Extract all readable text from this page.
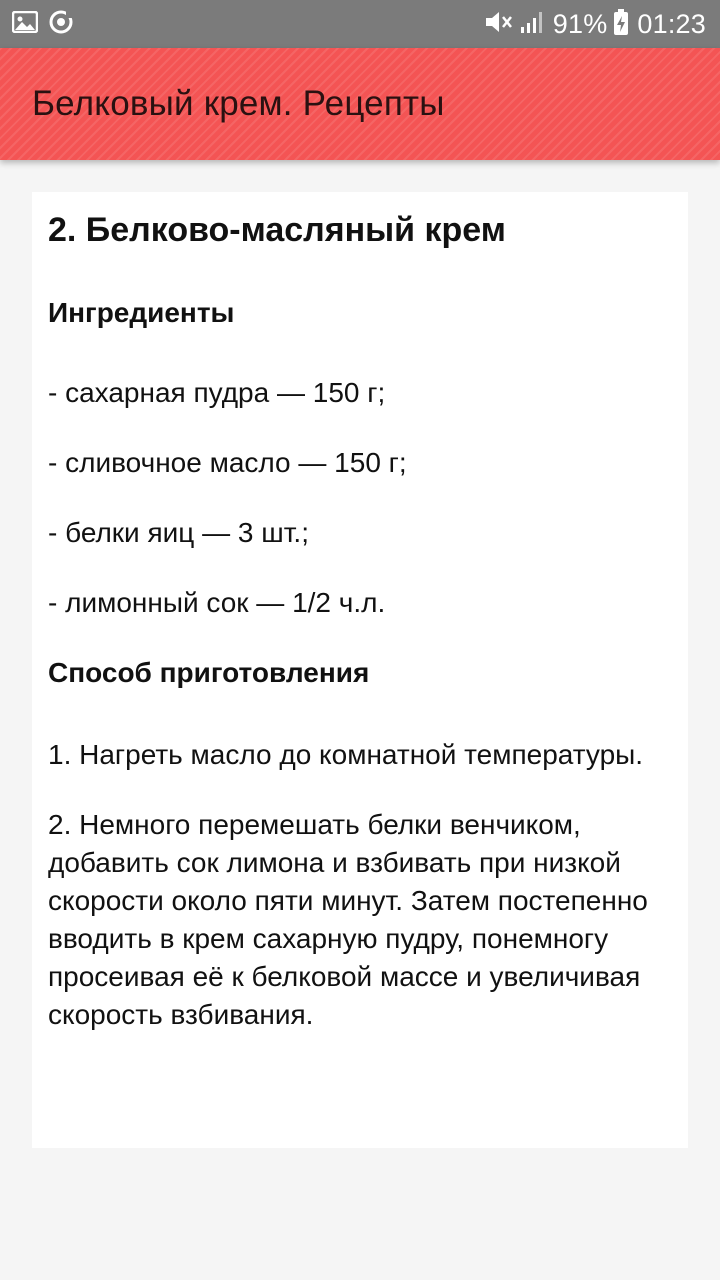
91% 01:23
Белковый крем. Рецепты
2. Белково-масляный крем
Ингредиенты
- сахарная пудра — 150 г;
- сливочное масло — 150 г;
- белки яиц — 3 шт.;
- лимонный сок — 1/2 ч.л.
Способ приготовления
1. Нагреть масло до комнатной температуры.
2. Немного перемешать белки венчиком, добавить сок лимона и взбивать при низкой скорости около пяти минут. Затем постепенно вводить в крем сахарную пудру, понемногу просеивая её к белковой массе и увеличивая скорость взбивания.
